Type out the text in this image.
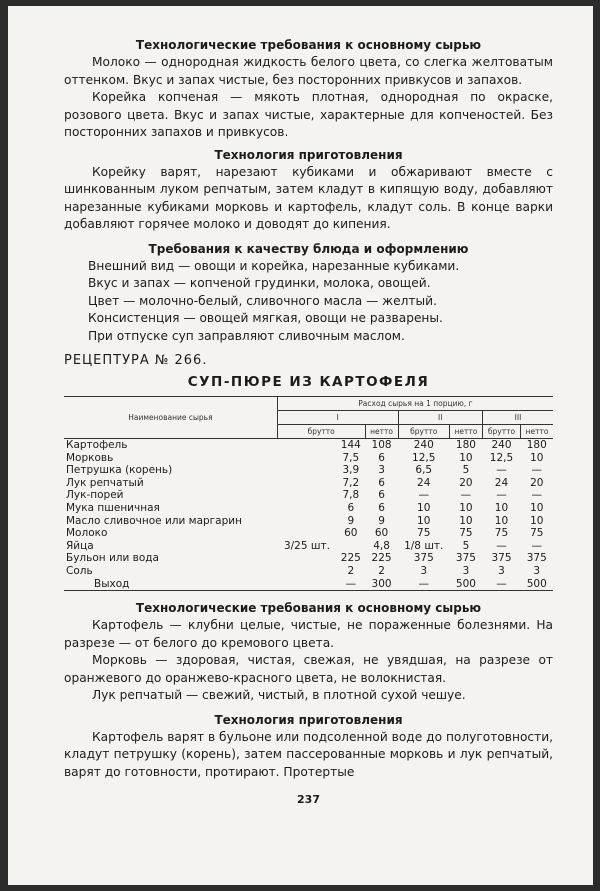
Технологические требования к основному сырью

Молоко — однородная жидкость белого цвета, со слегка желтоватым оттенком. Вкус и запах чистые, без посторонних привкусов и запахов.

Корейка копченая — мякоть плотная, однородная по окраске, розового цвета. Вкус и запах чистые, характерные для копченостей. Без посторонних запахов и привкусов.

Технология приготовления

Корейку варят, нарезают кубиками и обжаривают вместе с шинкованным луком репчатым, затем кладут в кипящую воду, добавляют нарезанные кубиками морковь и картофель, кладут соль. В конце варки добавляют горячее молоко и доводят до кипения.

Требования к качеству блюда и оформлению

Внешний вид — овощи и корейка, нарезанные кубиками.

Вкус и запах — копченой грудинки, молока, овощей.

Цвет — молочно-белый, сливочного масла — желтый.

Консистенция — овощей мягкая, овощи не разварены.

При отпуске суп заправляют сливочным маслом.

РЕЦЕПТУРА № 266.
СУП-ПЮРЕ ИЗ КАРТОФЕЛЯ
Наименование сырья	Расход сырья на 1 порцию, г						
	I			II		III	
	брутто		нетто	брутто	нетто	брутто	нетто
Картофель		144	108	240	180	240	180
Морковь		7,5	6	12,5	10	12,5	10
Петрушка (корень)		3,9	3	6,5	5	—	—
Лук репчатый		7,2	6	24	20	24	20
Лук-порей		7,8	6	—	—	—	—
Мука пшеничная		6	6	10	10	10	10
Масло сливочное или маргарин		9	9	10	10	10	10
Молоко		60	60	75	75	75	75
Яйца	3/25 шт.		4,8	1/8 шт.	5	—	—
Бульон или вода		225	225	375	375	375	375
Соль		2	2	3	3	3	3
Выход		—	300	—	500	—	500

Технологические требования к основному сырью

Картофель — клубни целые, чистые, не пораженные болезнями. На разрезе — от белого до кремового цвета.

Морковь — здоровая, чистая, свежая, не увядшая, на разрезе от оранжевого до оранжево-красного цвета, не волокнистая.

Лук репчатый — свежий, чистый, в плотной сухой чешуе.

Технология приготовления

Картофель варят в бульоне или подсоленной воде до полуготовности, кладут петрушку (корень), затем пассерованные морковь и лук репчатый, варят до готовности, протирают. Протертые

237
